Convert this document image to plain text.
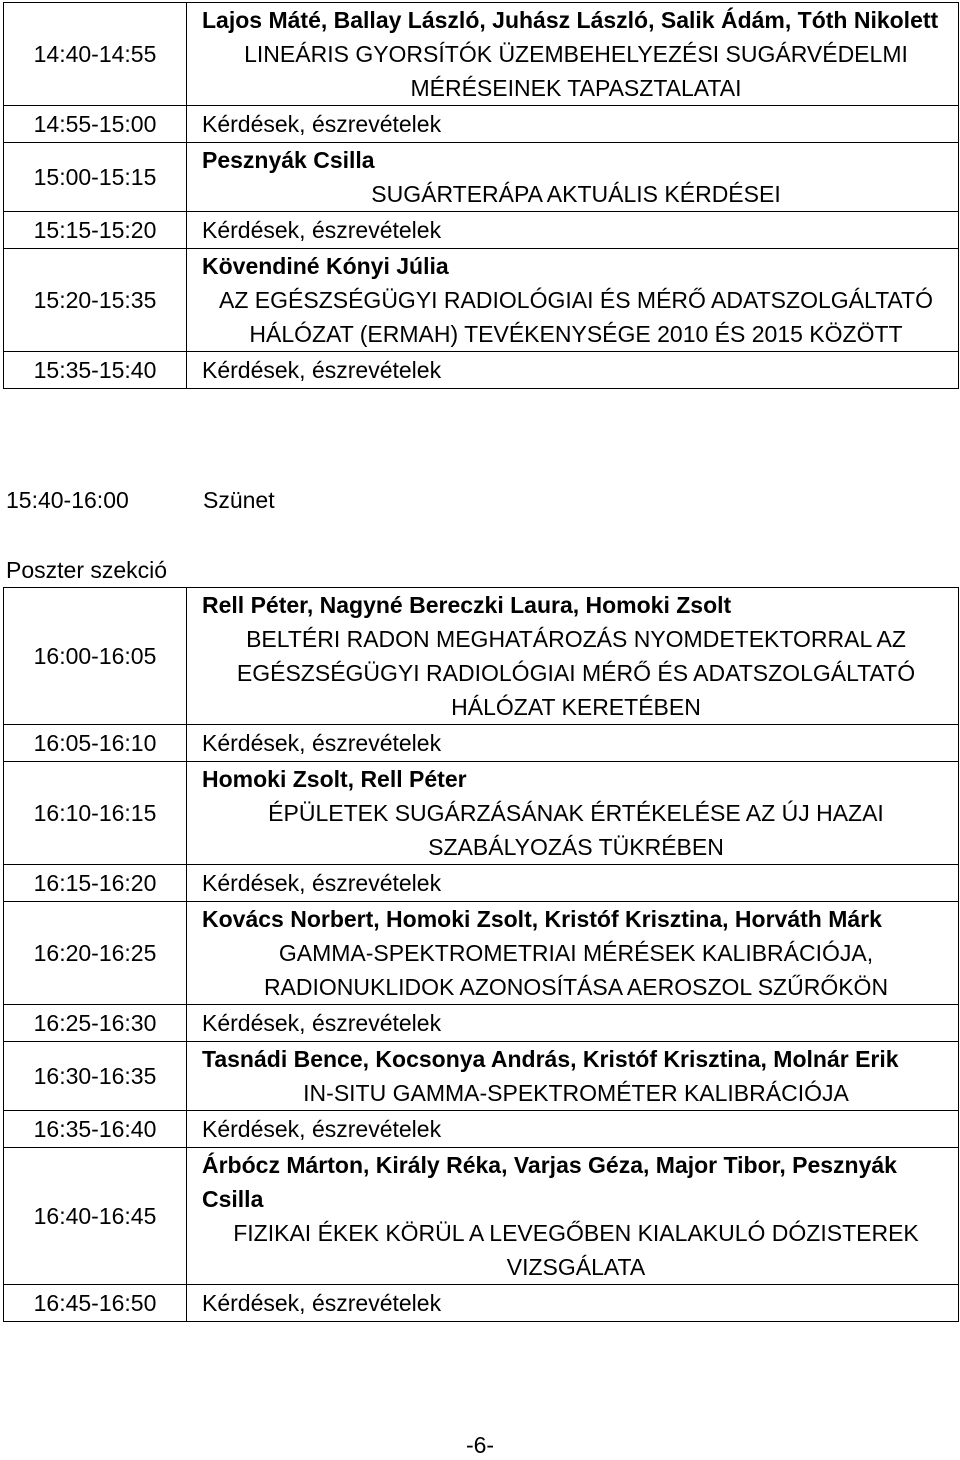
14:40-14:55	Lajos Máté, Ballay László, Juhász László, Salik Ádám, Tóth Nikolett
LINEÁRIS GYORSÍTÓK ÜZEMBEHELYEZÉSI SUGÁRVÉDELMI
MÉRÉSEINEK TAPASZTALATAI

14:55-15:00	Kérdések, észrevételek

15:00-15:15	Pesznyák Csilla
SUGÁRTERÁPA AKTUÁLIS KÉRDÉSEI

15:15-15:20	Kérdések, észrevételek

15:20-15:35	Kövendiné Kónyi Júlia
AZ EGÉSZSÉGÜGYI RADIOLÓGIAI ÉS MÉRŐ ADATSZOLGÁLTATÓ
HÁLÓZAT (ERMAH) TEVÉKENYSÉGE 2010 ÉS 2015 KÖZÖTT

15:35-15:40	Kérdések, észrevételek
15:40-16:00	Szünet
Poszter szekció
16:00-16:05	Rell Péter, Nagyné Bereczki Laura, Homoki Zsolt
BELTÉRI RADON MEGHATÁROZÁS NYOMDETEKTORRAL AZ
EGÉSZSÉGÜGYI RADIOLÓGIAI MÉRŐ ÉS ADATSZOLGÁLTATÓ
HÁLÓZAT KERETÉBEN

16:05-16:10	Kérdések, észrevételek

16:10-16:15	Homoki Zsolt, Rell Péter
ÉPÜLETEK SUGÁRZÁSÁNAK ÉRTÉKELÉSE AZ ÚJ HAZAI
SZABÁLYOZÁS TÜKRÉBEN

16:15-16:20	Kérdések, észrevételek

16:20-16:25	Kovács Norbert, Homoki Zsolt, Kristóf Krisztina, Horváth Márk
GAMMA-SPEKTROMETRIAI MÉRÉSEK KALIBRÁCIÓJA,
RADIONUKLIDOK AZONOSÍTÁSA AEROSZOL SZŰRŐKÖN

16:25-16:30	Kérdések, észrevételek

16:30-16:35	Tasnádi Bence, Kocsonya András, Kristóf Krisztina, Molnár Erik
IN-SITU GAMMA-SPEKTROMÉTER KALIBRÁCIÓJA

16:35-16:40	Kérdések, észrevételek

16:40-16:45	Árbócz Márton, Király Réka, Varjas Géza, Major Tibor, Pesznyák Csilla
FIZIKAI ÉKEK KÖRÜL A LEVEGŐBEN KIALAKULÓ DÓZISTEREK
VIZSGÁLATA

16:45-16:50	Kérdések, észrevételek
-6-
